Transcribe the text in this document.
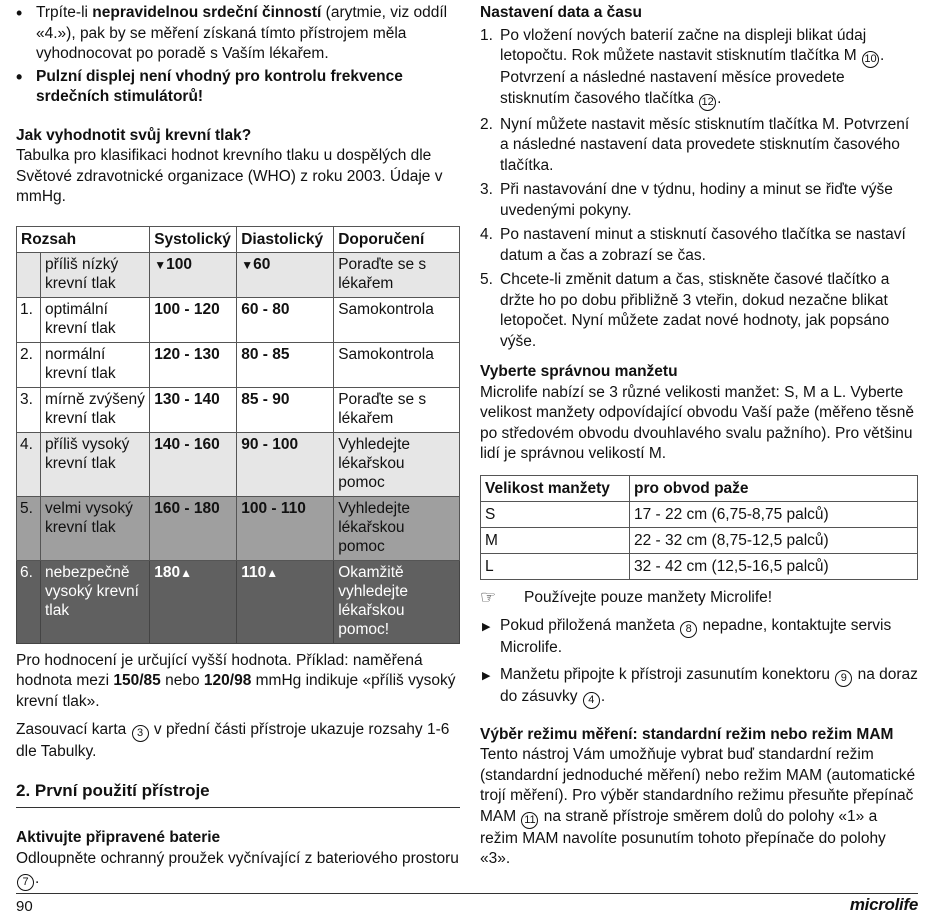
• Trpíte-li nepravidelnou srdeční činností (arytmie, viz oddíl «4.»), pak by se měření získaná tímto přístrojem měla vyhodnocovat po poradě s Vaším lékařem.
• Pulzní displej není vhodný pro kontrolu frekvence srdečních stimulátorů!
Jak vyhodnotit svůj krevní tlak?

Tabulka pro klasifikaci hodnot krevního tlaku u dospělých dle Světové zdravotnické organizace (WHO) z roku 2003. Údaje v mmHg.

Rozsah		Systolický	Diastolický	Doporučení
	příliš nízký krevní tlak	▼100	▼60	Poraďte se s lékařem
1.	optimální krevní tlak	100 - 120	60 - 80	Samokontrola
2.	normální krevní tlak	120 - 130	80 - 85	Samokontrola
3.	mírně zvýšený krevní tlak	130 - 140	85 - 90	Poraďte se s lékařem
4.	příliš vysoký krevní tlak	140 - 160	90 - 100	Vyhledejte lékařskou pomoc
5.	velmi vysoký krevní tlak	160 - 180	100 - 110	Vyhledejte lékařskou pomoc
6.	nebezpečně vysoký krevní tlak	180▲	110▲	Okamžitě vyhledejte lékařskou pomoc!

Pro hodnocení je určující vyšší hodnota. Příklad: naměřená hodnota mezi 150/85 nebo 120/98 mmHg indikuje «příliš vysoký krevní tlak».

Zasouvací karta 3 v přední části přístroje ukazuje rozsahy 1-6 dle Tabulky.

2. První použití přístroje
Aktivujte připravené baterie

Odloupněte ochranný proužek vyčnívající z bateriového prostoru 7 .

Nastavení data a času
1. Po vložení nových baterií začne na displeji blikat údaj letopočtu. Rok můžete nastavit stisknutím tlačítka M 10 . Potvrzení a následné nastavení měsíce provedete stisknutím časového tlačítka 12 .
2. Nyní můžete nastavit měsíc stisknutím tlačítka M. Potvrzení a následné nastavení data provedete stisknutím časového tlačítka.
3. Při nastavování dne v týdnu, hodiny a minut se řiďte výše uvedenými pokyny.
4. Po nastavení minut a stisknutí časového tlačítka se nastaví datum a čas a zobrazí se čas.
5. Chcete-li změnit datum a čas, stiskněte časové tlačítko a držte ho po dobu přibližně 3 vteřin, dokud nezačne blikat letopočet. Nyní můžete zadat nové hodnoty, jak popsáno výše.
Vyberte správnou manžetu

Microlife nabízí se 3 různé velikosti manžet: S, M a L. Vyberte velikost manžety odpovídající obvodu Vaší paže (měřeno těsně po středovém obvodu dvouhlavého svalu pažního). Pro většinu lidí je správnou velikostí M.

Velikost manžety	pro obvod paže
S	17 - 22 cm (6,75-8,75 palců)
M	22 - 32 cm (8,75-12,5 palců)
L	32 - 42 cm (12,5-16,5 palců)
☞ Používejte pouze manžety Microlife!
▶ Pokud přiložená manžeta 8 nepadne, kontaktujte servis Microlife.
▶ Manžetu připojte k přístroji zasunutím konektoru 9 na doraz do zásuvky 4 .
Výběr režimu měření: standardní režim nebo režim MAM

Tento nástroj Vám umožňuje vybrat buď standardní režim (standardní jednoduché měření) nebo režim MAM (automatické trojí měření). Pro výběr standardního režimu přesuňte přepínač MAM 11 na straně přístroje směrem dolů do polohy «1» a režim MAM navolíte posunutím tohoto přepínače do polohy «3».

90	microlife
